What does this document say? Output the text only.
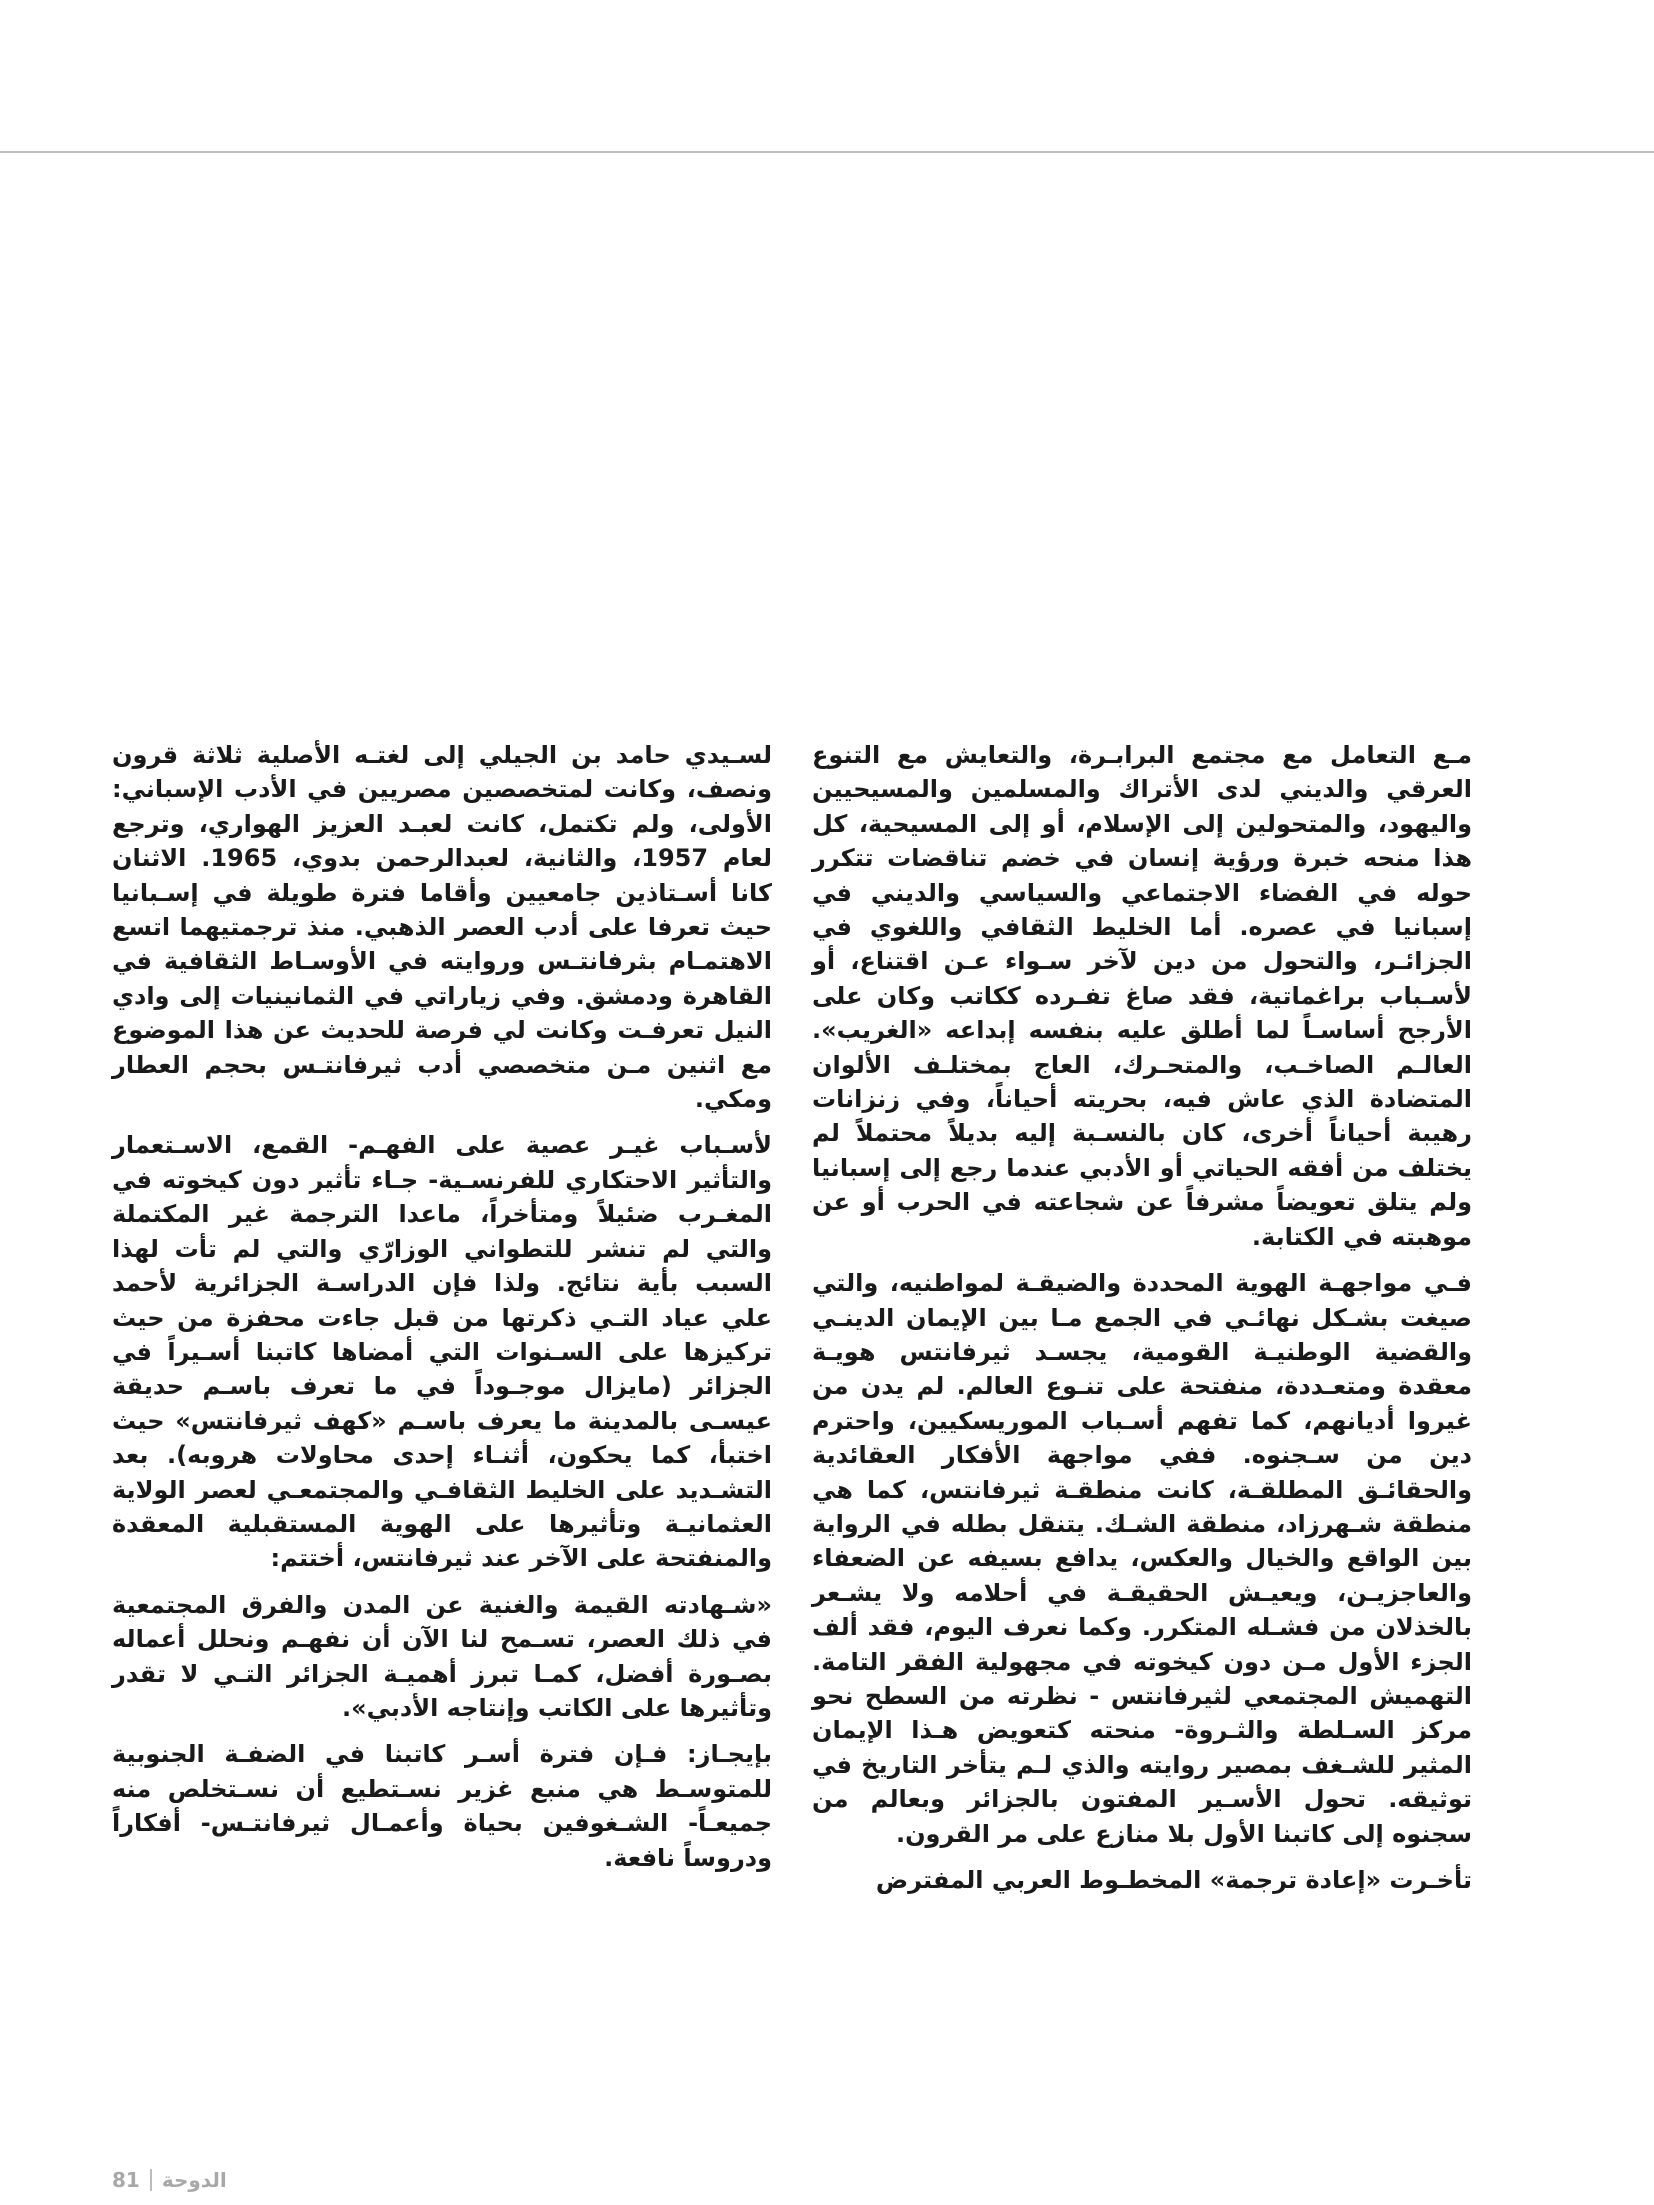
مـع التعامل مع مجتمع البرابـرة، والتعايش مع التنوع العرقي والديني لدى الأتراك والمسلمين والمسيحيين واليهود، والمتحولين إلى الإسلام، أو إلى المسيحية، كل هذا منحه خبرة ورؤية إنسان في خضم تناقضات تتكرر حوله في الفضاء الاجتماعي والسياسي والديني في إسبانيا في عصره. أما الخليط الثقافي واللغوي في الجزائـر، والتحول من دين لآخر سـواء عـن اقتناع، أو لأسـباب براغماتية، فقد صاغ تفـرده ككاتب وكان على الأرجح أساسـاً لما أطلق عليه بنفسه إبداعه «الغريب». العالـم الصاخـب، والمتحـرك، العاج بمختلـف الألوان المتضادة الذي عاش فيه، بحريته أحياناً، وفي زنزانات رهيبة أحياناً أخرى، كان بالنسـبة إليه بديلاً محتملاً لم يختلف من أفقه الحياتي أو الأدبي عندما رجع إلى إسبانيا ولم يتلق تعويضاً مشرفاً عن شجاعته في الحرب أو عن موهبته في الكتابة.

فـي مواجهـة الهوية المحددة والضيقـة لمواطنيه، والتي صيغت بشـكل نهائـي في الجمع مـا بين الإيمان الدينـي والقضية الوطنيـة القومية، يجسـد ثيرفانتس هويـة معقدة ومتعـددة، منفتحة على تنـوع العالم. لم يدن من غيروا أديانهم، كما تفهم أسـباب الموريسكيين، واحترم دين من سـجنوه. ففي مواجهة الأفكار العقائدية والحقائـق المطلقـة، كانت منطقـة ثيرفانتس، كما هي منطقة شـهرزاد، منطقة الشـك. يتنقل بطله في الرواية بين الواقع والخيال والعكس، يدافع بسيفه عن الضعفاء والعاجزيـن، ويعيـش الحقيقـة في أحلامه ولا يشـعر بالخذلان من فشـله المتكرر. وكما نعرف اليوم، فقد ألف الجزء الأول مـن دون كيخوته في مجهولية الفقر التامة. التهميش المجتمعي لثيرفانتس - نظرته من السطح نحو مركز السـلطة والثـروة- منحته كتعويض هـذا الإيمان المثير للشـغف بمصير روايته والذي لـم يتأخر التاريخ في توثيقه. تحول الأسـير المفتون بالجزائر وبعالم من سجنوه إلى كاتبنا الأول بلا منازع على مر القرون.

تأخـرت «إعادة ترجمة» المخطـوط العربي المفترض

لسـيدي حامد بن الجيلي إلى لغتـه الأصلية ثلاثة قرون ونصف، وكانت لمتخصصين مصريين في الأدب الإسباني: الأولى، ولم تكتمل، كانت لعبـد العزيز الهواري، وترجع لعام 1957، والثانية، لعبدالرحمن بدوي، 1965. الاثنان كانا أسـتاذين جامعيين وأقاما فترة طويلة في إسـبانيا حيث تعرفا على أدب العصر الذهبي. منذ ترجمتيهما اتسع الاهتمـام بثرفانتـس وروايته في الأوسـاط الثقافية في القاهرة ودمشق. وفي زياراتي في الثمانينيات إلى وادي النيل تعرفـت وكانت لي فرصة للحديث عن هذا الموضوع مع اثنين مـن متخصصي أدب ثيرفانتـس بحجم العطار ومكي.

لأسـباب غيـر عصية على الفهـم- القمع، الاسـتعمار والتأثير الاحتكاري للفرنسـية- جـاء تأثير دون كيخوته في المغـرب ضئيلاً ومتأخراً، ماعدا الترجمة غير المكتملة والتي لم تنشر للتطواني الوزارّي والتي لم تأت لهذا السبب بأية نتائج. ولذا فإن الدراسـة الجزائرية لأحمد علي عياد التـي ذكرتها من قبل جاءت محفزة من حيث تركيزها على السـنوات التي أمضاها كاتبنا أسـيراً في الجزائر (مايزال موجـوداً في ما تعرف باسـم حديقة عيسـى بالمدينة ما يعرف باسـم «كهف ثيرفانتس» حيث اختبأ، كما يحكون، أثنـاء إحدى محاولات هروبه). بعد التشـديد على الخليط الثقافـي والمجتمعـي لعصر الولاية العثمانيـة وتأثيرها على الهوية المستقبلية المعقدة والمنفتحة على الآخر عند ثيرفانتس، أختتم:

«شـهادته القيمة والغنية عن المدن والفرق المجتمعية في ذلك العصر، تسـمح لنا الآن أن نفهـم ونحلل أعماله بصـورة أفضل، كمـا تبرز أهميـة الجزائر التـي لا تقدر وتأثيرها على الكاتب وإنتاجه الأدبي».

بإيجـاز: فـإن فترة أسـر كاتبنا في الضفـة الجنوبية للمتوسـط هي منبع غزير نسـتطيع أن نسـتخلص منه جميعـاً- الشـغوفين بحياة وأعمـال ثيرفانتـس- أفكاراً ودروساً نافعة.

81 الدوحة
